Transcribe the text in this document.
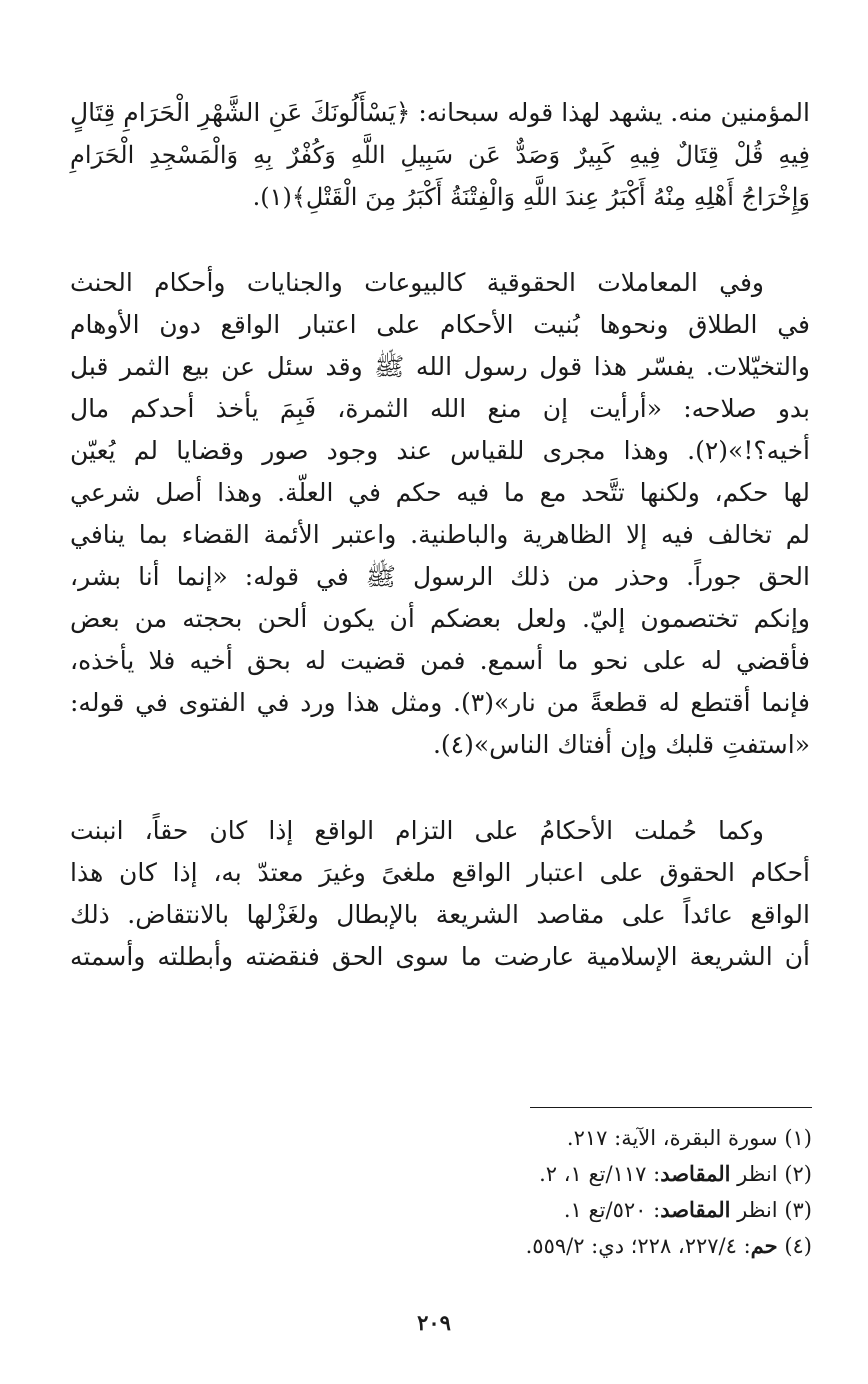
المؤمنين منه. يشهد لهذا قوله سبحانه: ﴿يَسْأَلُونَكَ عَنِ الشَّهْرِ الْحَرَامِ قِتَالٍ
فِيهِ قُلْ قِتَالٌ فِيهِ كَبِيرٌ وَصَدٌّ عَن سَبِيلِ اللَّهِ وَكُفْرٌ بِهِ وَالْمَسْجِدِ الْحَرَامِ
وَإِخْرَاجُ أَهْلِهِ مِنْهُ أَكْبَرُ عِندَ اللَّهِ وَالْفِتْنَةُ أَكْبَرُ مِنَ الْقَتْلِ﴾(١).
وفي المعاملات الحقوقية كالبيوعات والجنايات وأحكام الحنث
في الطلاق ونحوها بُنيت الأحكام على اعتبار الواقع دون الأوهام
والتخيّلات. يفسّر هذا قول رسول الله ﷺ وقد سئل عن بيع الثمر قبل
بدو صلاحه: «أرأيت إن منع الله الثمرة، فَبِمَ يأخذ أحدكم مال
أخيه؟!»(٢). وهذا مجرى للقياس عند وجود صور وقضايا لم يُعيّن
لها حكم، ولكنها تتَّحد مع ما فيه حكم في العلّة. وهذا أصل شرعي
لم تخالف فيه إلا الظاهرية والباطنية. واعتبر الأئمة القضاء بما ينافي
الحق جوراً. وحذر من ذلك الرسول ﷺ في قوله: «إنما أنا بشر،
وإنكم تختصمون إليّ. ولعل بعضكم أن يكون ألحن بحجته من بعض
فأقضي له على نحو ما أسمع. فمن قضيت له بحق أخيه فلا يأخذه،
فإنما أقتطع له قطعةً من نار»(٣). ومثل هذا ورد في الفتوى في قوله:
«استفتِ قلبك وإن أفتاك الناس»(٤).
وكما حُملت الأحكامُ على التزام الواقع إذا كان حقاً، انبنت
أحكام الحقوق على اعتبار الواقع ملغىً وغيرَ معتدّ به، إذا كان هذا
الواقع عائداً على مقاصد الشريعة بالإبطال ولغَزْلها بالانتقاض. ذلك
أن الشريعة الإسلامية عارضت ما سوى الحق فنقضته وأبطلته وأسمته
(١) سورة البقرة، الآية: ٢١٧.
(٢) انظر المقاصد: ١١٧/تع ١، ٢.
(٣) انظر المقاصد: ٥٢٠/تع ١.
(٤) حم: ٢٢٧/٤، ٢٢٨؛ دي: ٥٥٩/٢.
٢٠٩
